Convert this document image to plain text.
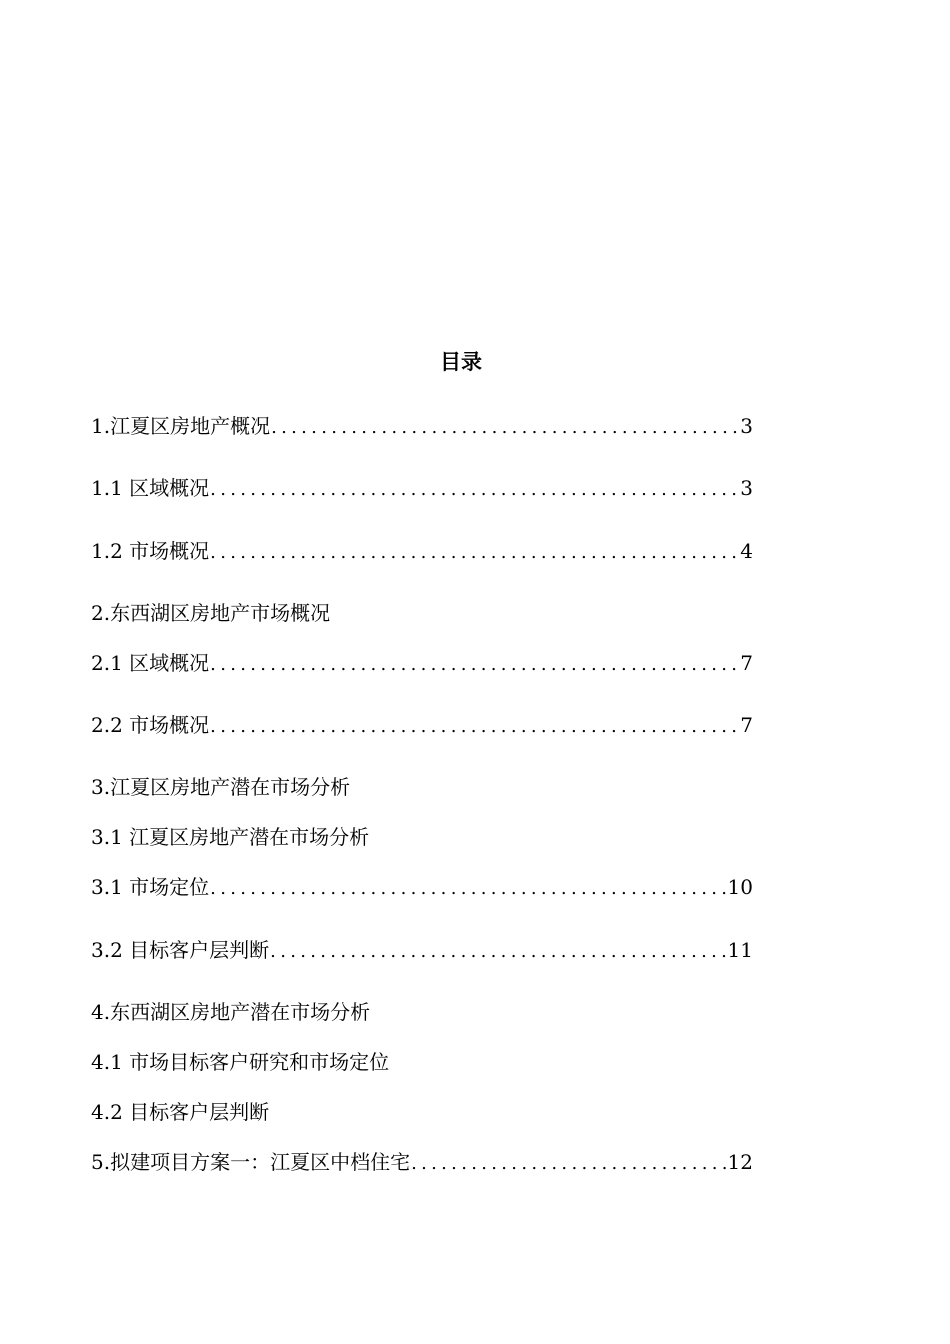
目录
1.江夏区房地产概况 .....	3
1.1 区域概况 .....	3
1.2 市场概况 .....	4
2.东西湖区房地产市场概况
2.1 区域概况 .....	7
2.2 市场概况 .....	7
3.江夏区房地产潜在市场分析
3.1 江夏区房地产潜在市场分析
3.1 市场定位 .....	10
3.2 目标客户层判断 .....	11
4.东西湖区房地产潜在市场分析
4.1 市场目标客户研究和市场定位
4.2 目标客户层判断
5.拟建项目方案一：江夏区中档住宅 .....	12
